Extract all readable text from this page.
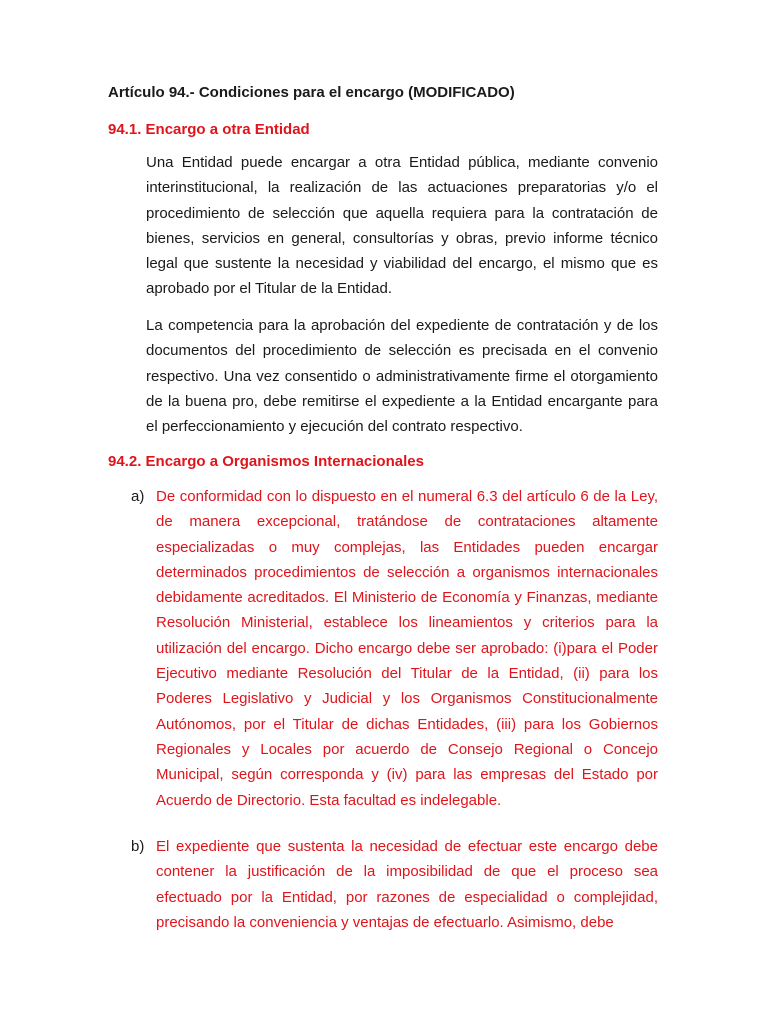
Artículo 94.- Condiciones para el encargo (MODIFICADO)
94.1. Encargo a otra Entidad
Una Entidad puede encargar a otra Entidad pública, mediante convenio interinstitucional, la realización de las actuaciones preparatorias y/o el procedimiento de selección que aquella requiera para la contratación de bienes, servicios en general, consultorías y obras, previo informe técnico legal que sustente la necesidad y viabilidad del encargo, el mismo que es aprobado por el Titular de la Entidad.
La competencia para la aprobación del expediente de contratación y de los documentos del procedimiento de selección es precisada en el convenio respectivo. Una vez consentido o administrativamente firme el otorgamiento de la buena pro, debe remitirse el expediente a la Entidad encargante para el perfeccionamiento y ejecución del contrato respectivo.
94.2. Encargo a Organismos Internacionales
a) De conformidad con lo dispuesto en el numeral 6.3 del artículo 6 de la Ley, de manera excepcional, tratándose de contrataciones altamente especializadas o muy complejas, las Entidades pueden encargar determinados procedimientos de selección a organismos internacionales debidamente acreditados. El Ministerio de Economía y Finanzas, mediante Resolución Ministerial, establece los lineamientos y criterios para la utilización del encargo. Dicho encargo debe ser aprobado: (i)para el Poder Ejecutivo mediante Resolución del Titular de la Entidad, (ii) para los Poderes Legislativo y Judicial y los Organismos Constitucionalmente Autónomos, por el Titular de dichas Entidades, (iii) para los Gobiernos Regionales y Locales por acuerdo de Consejo Regional o Concejo Municipal, según corresponda y (iv) para las empresas del Estado por Acuerdo de Directorio. Esta facultad es indelegable.
b) El expediente que sustenta la necesidad de efectuar este encargo debe contener la justificación de la imposibilidad de que el proceso sea efectuado por la Entidad, por razones de especialidad o complejidad, precisando la conveniencia y ventajas de efectuarlo. Asimismo, debe
